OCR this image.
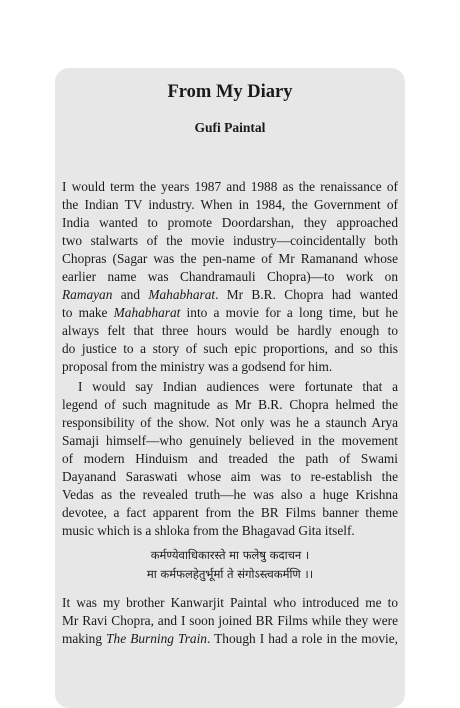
From My Diary
Gufi Paintal
I would term the years 1987 and 1988 as the renaissance of
the Indian TV industry. When in 1984, the Government of
India wanted to promote Doordarshan, they approached
two stalwarts of the movie industry—coincidentally both
Chopras (Sagar was the pen-name of Mr Ramanand whose
earlier name was Chandramauli Chopra)—to work on
Ramayan and Mahabharat. Mr B.R. Chopra had wanted
to make Mahabharat into a movie for a long time, but he
always felt that three hours would be hardly enough to
do justice to a story of such epic proportions, and so this
proposal from the ministry was a godsend for him.
I would say Indian audiences were fortunate that a
legend of such magnitude as Mr B.R. Chopra helmed the
responsibility of the show. Not only was he a staunch Arya
Samaji himself—who genuinely believed in the movement
of modern Hinduism and treaded the path of Swami
Dayanand Saraswati whose aim was to re-establish the
Vedas as the revealed truth—he was also a huge Krishna
devotee, a fact apparent from the BR Films banner theme
music which is a shloka from the Bhagavad Gita itself.
कर्मण्येवाधिकारस्ते मा फलेषु कदाचन ।
मा कर्मफलहेतुर्भूर्मा ते संगोऽस्त्वकर्मणि ।।
It was my brother Kanwarjit Paintal who introduced me to
Mr Ravi Chopra, and I soon joined BR Films while they were
making The Burning Train. Though I had a role in the movie,
